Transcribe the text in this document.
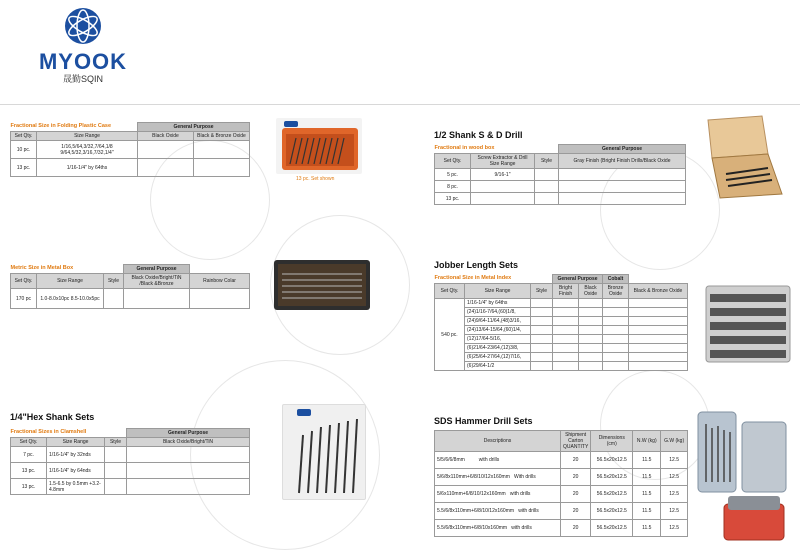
MYOOK
晟勤SQIN
Fractional Size in Folding Plastic Case		General Purpose	
Set Qty.	Size Range	Black Oxide	Black & Bronze Oxide
10 pc.	1/16,5/64,3/32,7/64,1/8 9/64,5/32,3/16,7/32,1/4"		
13 pc.	1/16-1/4" by 64ths		
13 pc. Set shown
Metric Size in Metal Box			General Purpose	
Set Qty.	Size Range	Style	Black Oxide/Bright/TiN /Black &Bronze	Rainbow Colar
170 pc	1.0-8.0x10pc 8.5-10.0x5pc			
1/4"Hex Shank Sets
Fractional Sizes in Clamshell			General Purpose
Set Qty.	Size Range	Style	Black Oxide/Bright/TiN
7 pc.	1/16-1/4" by 32nds		
13 pc.	1/16-1/4" by 64nds		
13 pc.	1.5-6.5 by 0.5mm +3.2-4.8mm		
1/2 Shank S & D Drill
Fractional in wood box			General Purpose
Set Qty.	Screw Extractor & Drill Size Range	Style	Gray Finish (Bright Finish Drills/Black Oxide
5 pc.	9/16-1"		
8 pc.			
13 pc.			
Jobber Length Sets
Fractional Size in Metal Index			General Purpose		Cobalt	
Set Qty.	Size Range	Style	Bright Finish	Black Oxide	Bronze Oxide	Black & Bronze Oxide
540 pc.	1/16-1/4" by 64ths					
	(24)1/16-7/64,(60)1/8,					
	(24)9/64-11/64,(48)3/16,					
	(24)13/64-15/64,(60)1/4,					
	(12)17/64-5/16,					
	(6)21/64-23/64,(12)3/8,					
	(6)25/64-27/64,(12)7/16,					
	(6)29/64-1/2					
SDS Hammer Drill Sets
Descriptions	Shipment Carton QUANTITY	Dimensions (cm)	N.W (kg)	G.W (kg)
5/5/6/6/8mm with drills	20	56.5x20x12.5	11.5	12.5
5/6/8x110mm+6/8/10/12x160mm With drills	20	56.5x20x12.5	11.5	12.5
5/6x110mm+6/8/10/12x160mm with drills	20	56.5x20x12.5	11.5	12.5
5.5/6/8x110mm+6/8/10/12x160mm with drills	20	56.5x20x12.5	11.5	12.5
5.5/6/8x110mm+6/8/10x160mm with drills	20	56.5x20x12.5	11.5	12.5
